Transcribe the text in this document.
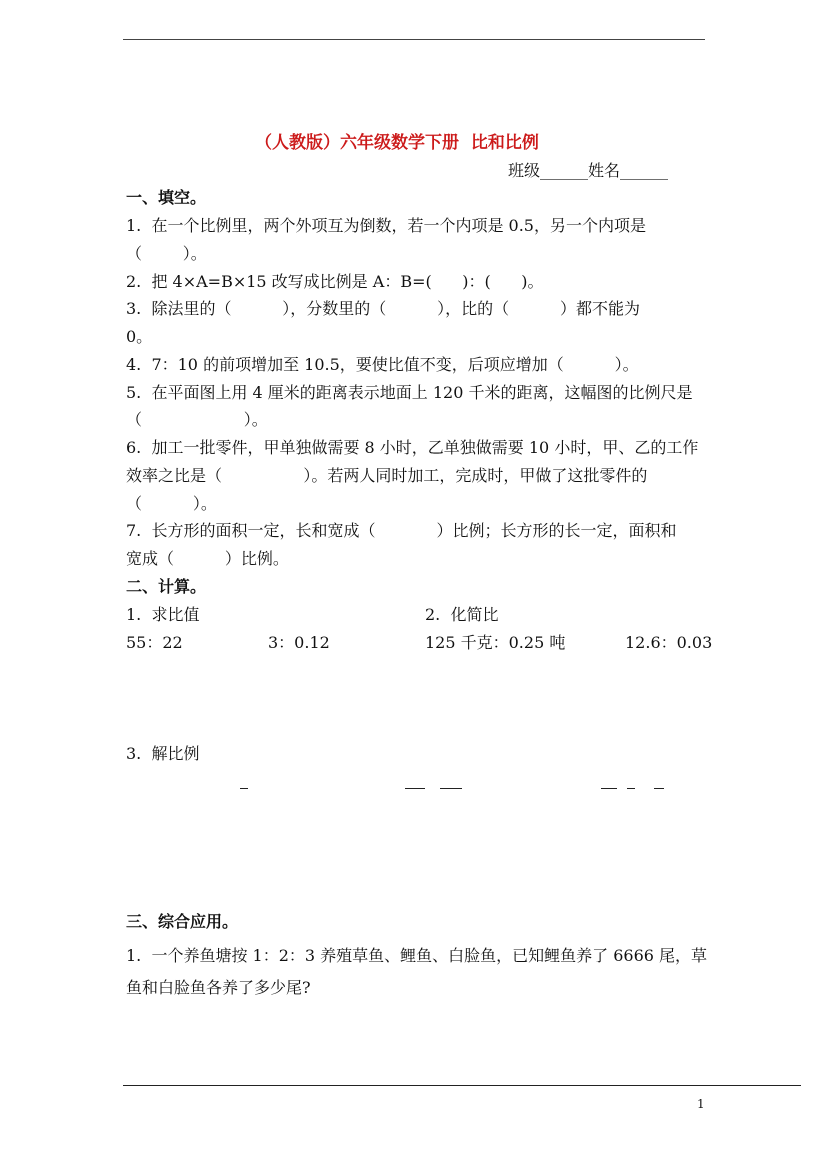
（人教版）六年级数学下册  比和比例
班级______姓名______
一、填空。
1.  在一个比例里，两个外项互为倒数，若一个内项是 0.5，另一个内项是
（        ）。
2.  把 4×A=B×15 改写成比例是 A：B=(      )：(      )。
3.  除法里的（          ），分数里的（          ），比的（          ）都不能为
0。
4.  7：10 的前项增加至 10.5，要使比值不变，后项应增加（          ）。
5.  在平面图上用 4 厘米的距离表示地面上 120 千米的距离，这幅图的比例尺是
（                    ）。
6.  加工一批零件，甲单独做需要 8 小时，乙单独做需要 10 小时，甲、乙的工作
效率之比是（                ）。若两人同时加工，完成时，甲做了这批零件的
（          ）。
7.  长方形的面积一定，长和宽成（            ）比例；长方形的长一定，面积和
宽成（          ）比例。
二、计算。
1.  求比值	2.  化简比
55：22	3：0.12	125 千克：0.25 吨	12.6：0.03
3.  解比例
三、综合应用。
1.  一个养鱼塘按 1：2：3 养殖草鱼、鲤鱼、白脸鱼，已知鲤鱼养了 6666 尾，草
鱼和白脸鱼各养了多少尾?
1
